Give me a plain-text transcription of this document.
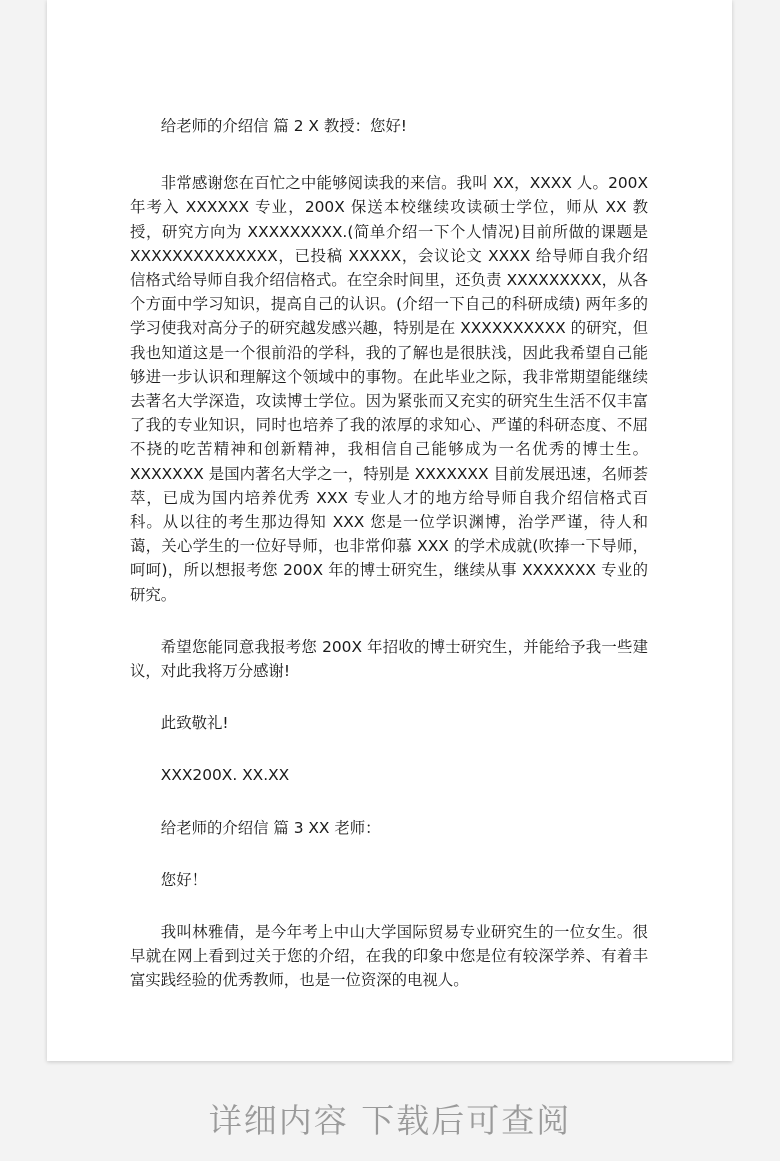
给老师的介绍信 篇 2 X 教授：您好!

非常感谢您在百忙之中能够阅读我的来信。我叫 XX，XXXX 人。200X 年考入 XXXXXX 专业，200X 保送本校继续攻读硕士学位，师从 XX 教授，研究方向为 XXXXXXXXX.(简单介绍一下个人情况)目前所做的课题是 XXXXXXXXXXXXXX，已投稿 XXXXX，会议论文 XXXX 给导师自我介绍信格式给导师自我介绍信格式。在空余时间里，还负责 XXXXXXXXX，从各个方面中学习知识，提高自己的认识。(介绍一下自己的科研成绩) 两年多的学习使我对高分子的研究越发感兴趣，特别是在 XXXXXXXXXX 的研究，但我也知道这是一个很前沿的学科，我的了解也是很肤浅，因此我希望自己能够进一步认识和理解这个领域中的事物。在此毕业之际，我非常期望能继续去著名大学深造，攻读博士学位。因为紧张而又充实的研究生生活不仅丰富了我的专业知识，同时也培养了我的浓厚的求知心、严谨的科研态度、不屈不挠的吃苦精神和创新精神，我相信自己能够成为一名优秀的博士生。XXXXXXX 是国内著名大学之一，特别是 XXXXXXX 目前发展迅速，名师荟萃，已成为国内培养优秀 XXX 专业人才的地方给导师自我介绍信格式百科。从以往的考生那边得知 XXX 您是一位学识渊博，治学严谨，待人和蔼，关心学生的一位好导师，也非常仰慕 XXX 的学术成就(吹捧一下导师，呵呵)，所以想报考您 200X 年的博士研究生，继续从事 XXXXXXX 专业的研究。

希望您能同意我报考您 200X 年招收的博士研究生，并能给予我一些建议，对此我将万分感谢!

此致敬礼!

XXX200X. XX.XX

给老师的介绍信 篇 3 XX 老师：

您好！

我叫林雅倩，是今年考上中山大学国际贸易专业研究生的一位女生。很早就在网上看到过关于您的介绍，在我的印象中您是位有较深学养、有着丰富实践经验的优秀教师，也是一位资深的电视人。

详细内容 下载后可查阅
